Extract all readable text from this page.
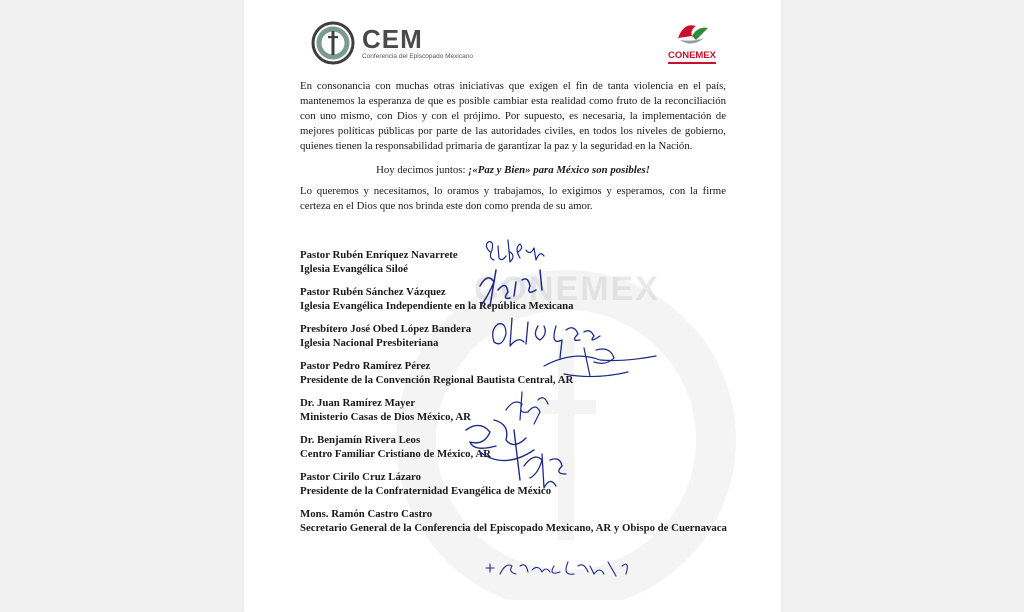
CONEMEX
CEM
Conferencia del Episcopado Mexicano	CONEMEX

En consonancia con muchas otras iniciativas que exigen el fin de tanta violencia en el país, mantenemos la esperanza de que es posible cambiar esta realidad como fruto de la reconciliación con uno mismo, con Dios y con el prójimo. Por supuesto, es necesaria, la implementación de mejores políticas públicas por parte de las autoridades civiles, en todos los niveles de gobierno, quienes tienen la responsabilidad primaria de garantizar la paz y la seguridad en la Nación.

Hoy decimos juntos: ¡«Paz y Bien» para México son posibles!

Lo queremos y necesitamos, lo oramos y trabajamos, lo exigimos y esperamos, con la firme certeza en el Dios que nos brinda este don como prenda de su amor.

Pastor Rubén Enríquez Navarrete
Iglesia Evangélica Siloé
Pastor Rubén Sánchez Vázquez
Iglesia Evangélica Independiente en la República Mexicana
Presbítero José Obed López Bandera
Iglesia Nacional Presbiteriana
Pastor Pedro Ramírez Pérez
Presidente de la Convención Regional Bautista Central, AR
Dr. Juan Ramírez Mayer
Ministerio Casas de Dios México, AR
Dr. Benjamín Rivera Leos
Centro Familiar Cristiano de México, AR
Pastor Cirilo Cruz Lázaro
Presidente de la Confraternidad Evangélica de México
Mons. Ramón Castro Castro
Secretario General de la Conferencia del Episcopado Mexicano, AR y Obispo de Cuernavaca
